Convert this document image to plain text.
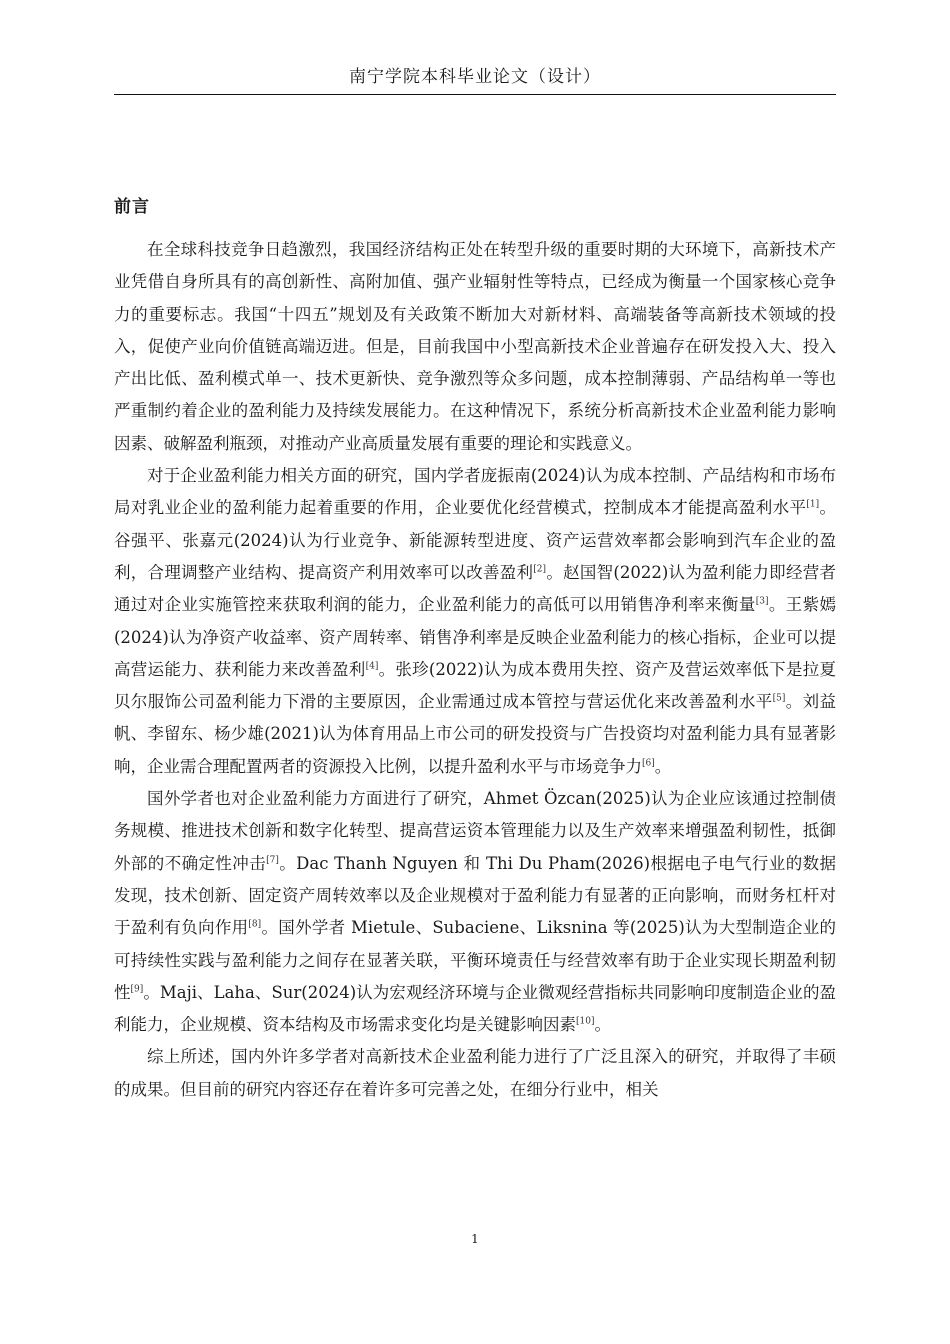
南宁学院本科毕业论文（设计）
前言

在全球科技竞争日趋激烈，我国经济结构正处在转型升级的重要时期的大环境下，高新技术产业凭借自身所具有的高创新性、高附加值、强产业辐射性等特点，已经成为衡量一个国家核心竞争力的重要标志。我国“十四五”规划及有关政策不断加大对新材料、高端装备等高新技术领域的投入，促使产业向价值链高端迈进。但是，目前我国中小型高新技术企业普遍存在研发投入大、投入产出比低、盈利模式单一、技术更新快、竞争激烈等众多问题，成本控制薄弱、产品结构单一等也严重制约着企业的盈利能力及持续发展能力。在这种情况下，系统分析高新技术企业盈利能力影响因素、破解盈利瓶颈，对推动产业高质量发展有重要的理论和实践意义。

对于企业盈利能力相关方面的研究，国内学者庞振南(2024)认为成本控制、产品结构和市场布局对乳业企业的盈利能力起着重要的作用，企业要优化经营模式，控制成本才能提高盈利水平[1]。谷强平、张嘉元(2024)认为行业竞争、新能源转型进度、资产运营效率都会影响到汽车企业的盈利，合理调整产业结构、提高资产利用效率可以改善盈利[2]。赵国智(2022)认为盈利能力即经营者通过对企业实施管控来获取利润的能力，企业盈利能力的高低可以用销售净利率来衡量[3]。王紫嫣(2024)认为净资产收益率、资产周转率、销售净利率是反映企业盈利能力的核心指标，企业可以提高营运能力、获利能力来改善盈利[4]。张珍(2022)认为成本费用失控、资产及营运效率低下是拉夏贝尔服饰公司盈利能力下滑的主要原因，企业需通过成本管控与营运优化来改善盈利水平[5]。刘益帆、李留东、杨少雄(2021)认为体育用品上市公司的研发投资与广告投资均对盈利能力具有显著影响，企业需合理配置两者的资源投入比例，以提升盈利水平与市场竞争力[6]。

国外学者也对企业盈利能力方面进行了研究，Ahmet Özcan(2025)认为企业应该通过控制债务规模、推进技术创新和数字化转型、提高营运资本管理能力以及生产效率来增强盈利韧性，抵御外部的不确定性冲击[7]。Dac Thanh Nguyen 和 Thi Du Pham(2026)根据电子电气行业的数据发现，技术创新、固定资产周转效率以及企业规模对于盈利能力有显著的正向影响，而财务杠杆对于盈利有负向作用[8]。国外学者 Mietule、Subaciene、Liksnina 等(2025)认为大型制造企业的可持续性实践与盈利能力之间存在显著关联，平衡环境责任与经营效率有助于企业实现长期盈利韧性[9]。Maji、Laha、Sur(2024)认为宏观经济环境与企业微观经营指标共同影响印度制造企业的盈利能力，企业规模、资本结构及市场需求变化均是关键影响因素[10]。

综上所述，国内外许多学者对高新技术企业盈利能力进行了广泛且深入的研究，并取得了丰硕的成果。但目前的研究内容还存在着许多可完善之处，在细分行业中，相关

1
